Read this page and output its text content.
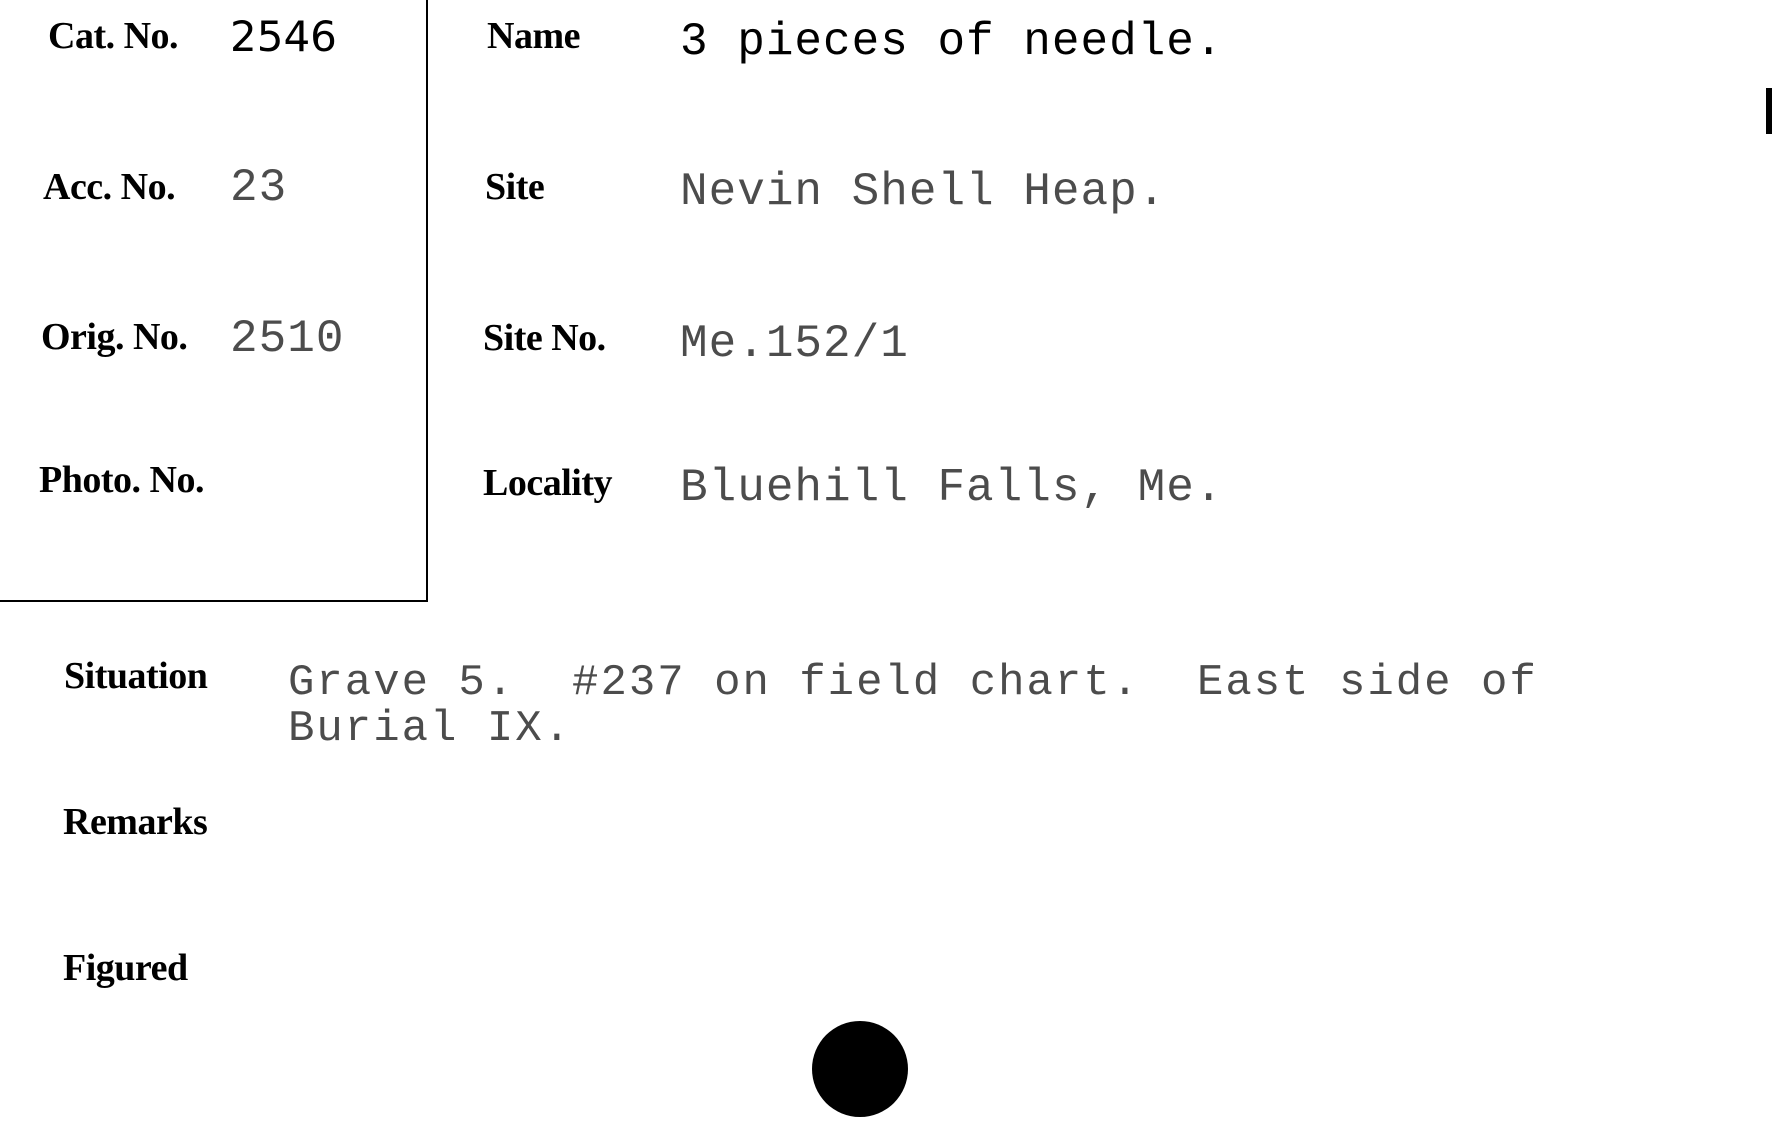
Cat. No. 2546
Acc. No. 23
Orig. No. 2510
Photo. No.
Name 3 pieces of needle.
Site	Nevin Shell Heap.
Site No. Me.152/1
Locality Bluehill Falls, Me.
Situation Grave 5.  #237 on field chart.  East side of
Burial IX.
Remarks
Figured
